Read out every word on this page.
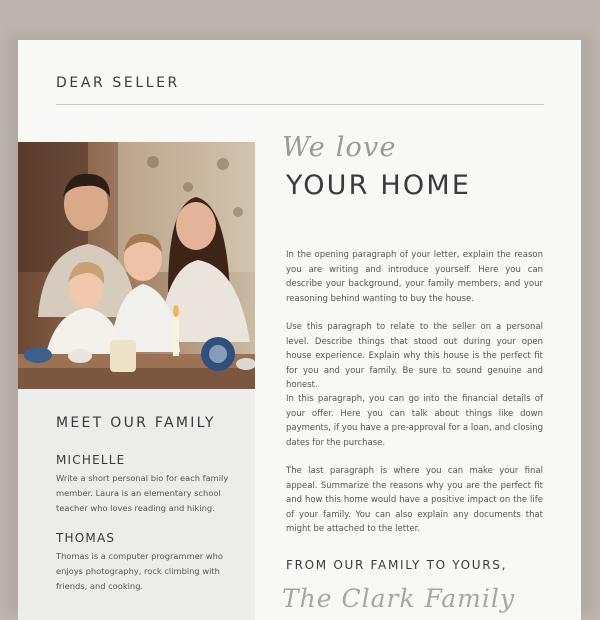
DEAR SELLER
MEET OUR FAMILY
MICHELLE
Write a short personal bio for each family member. Laura is an elementary school teacher who loves reading and hiking.
THOMAS
Thomas is a computer programmer who enjoys photography, rock climbing with friends, and cooking.
We love
YOUR HOME
In the opening paragraph of your letter, explain the reason you are writing and introduce yourself. Here you can describe your background, your family members, and your reasoning behind wanting to buy the house.
Use this paragraph to relate to the seller on a personal level. Describe things that stood out during your open house experience. Explain why this house is the perfect fit for you and your family. Be sure to sound genuine and honest.
In this paragraph, you can go into the financial details of your offer. Here you can talk about things like down payments, if you have a pre-approval for a loan, and closing dates for the purchase.
The last paragraph is where you can make your final appeal. Summarize the reasons why you are the perfect fit and how this home would have a positive impact on the life of your family. You can also explain any documents that might be attached to the letter.
FROM OUR FAMILY TO YOURS,
The Clark Family
